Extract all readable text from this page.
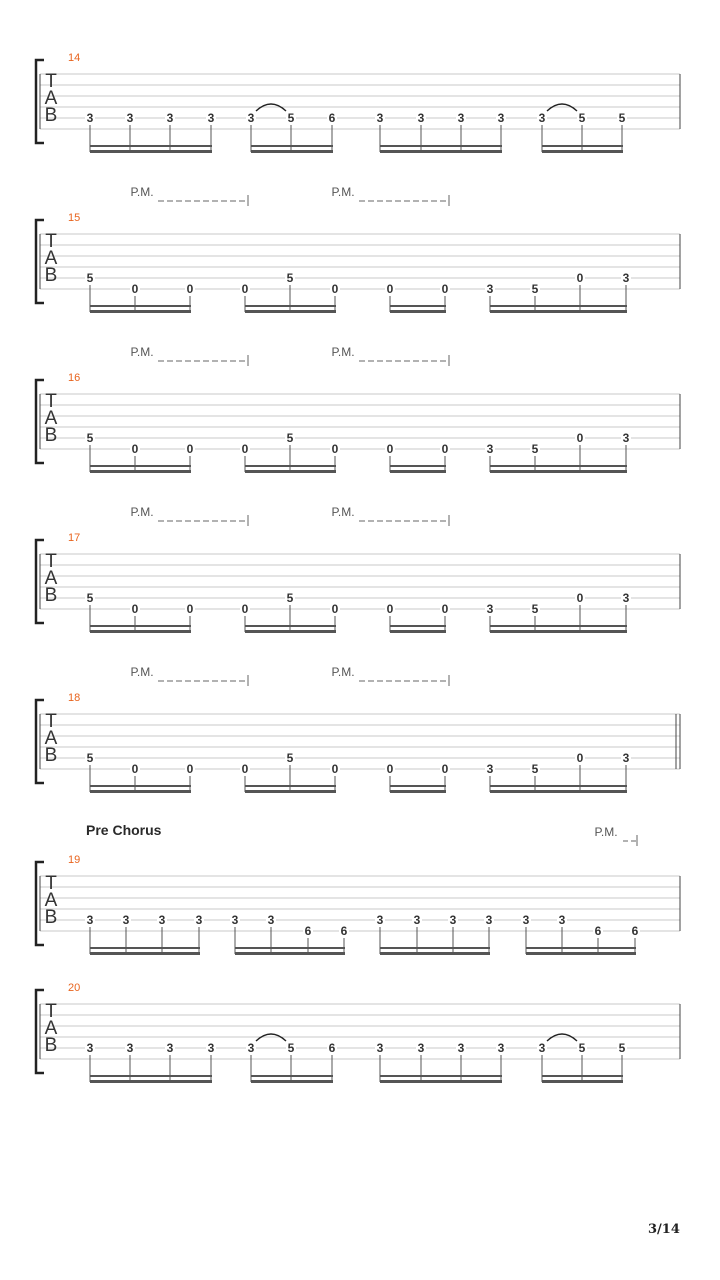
14
T
A
B 3	3	3	3	3	5	6	3	3	3	3	3	5	5
P.M.	P.M.
15
T
A
B 5
0	0	0
5
0	0	0	3	5
0	3
P.M.	P.M.
16
T
A
B 5
0	0	0
5
0	0	0	3	5
0	3
P.M.	P.M.
17
T
A
B 5
0	0	0
5
0	0	0	3	5
0	3
P.M.	P.M.
18
T
A
B 5
0	0	0
5
0	0	0	3	5
0	3
19
T
A
B 3 3 3	3 3 3
6 6
3	3 3 3	3 3
6	6
20
T
A
B 3	3	3	3	3	5	6	3	3	3	3	3	5	5
P.M.
Pre Chorus
3/14
